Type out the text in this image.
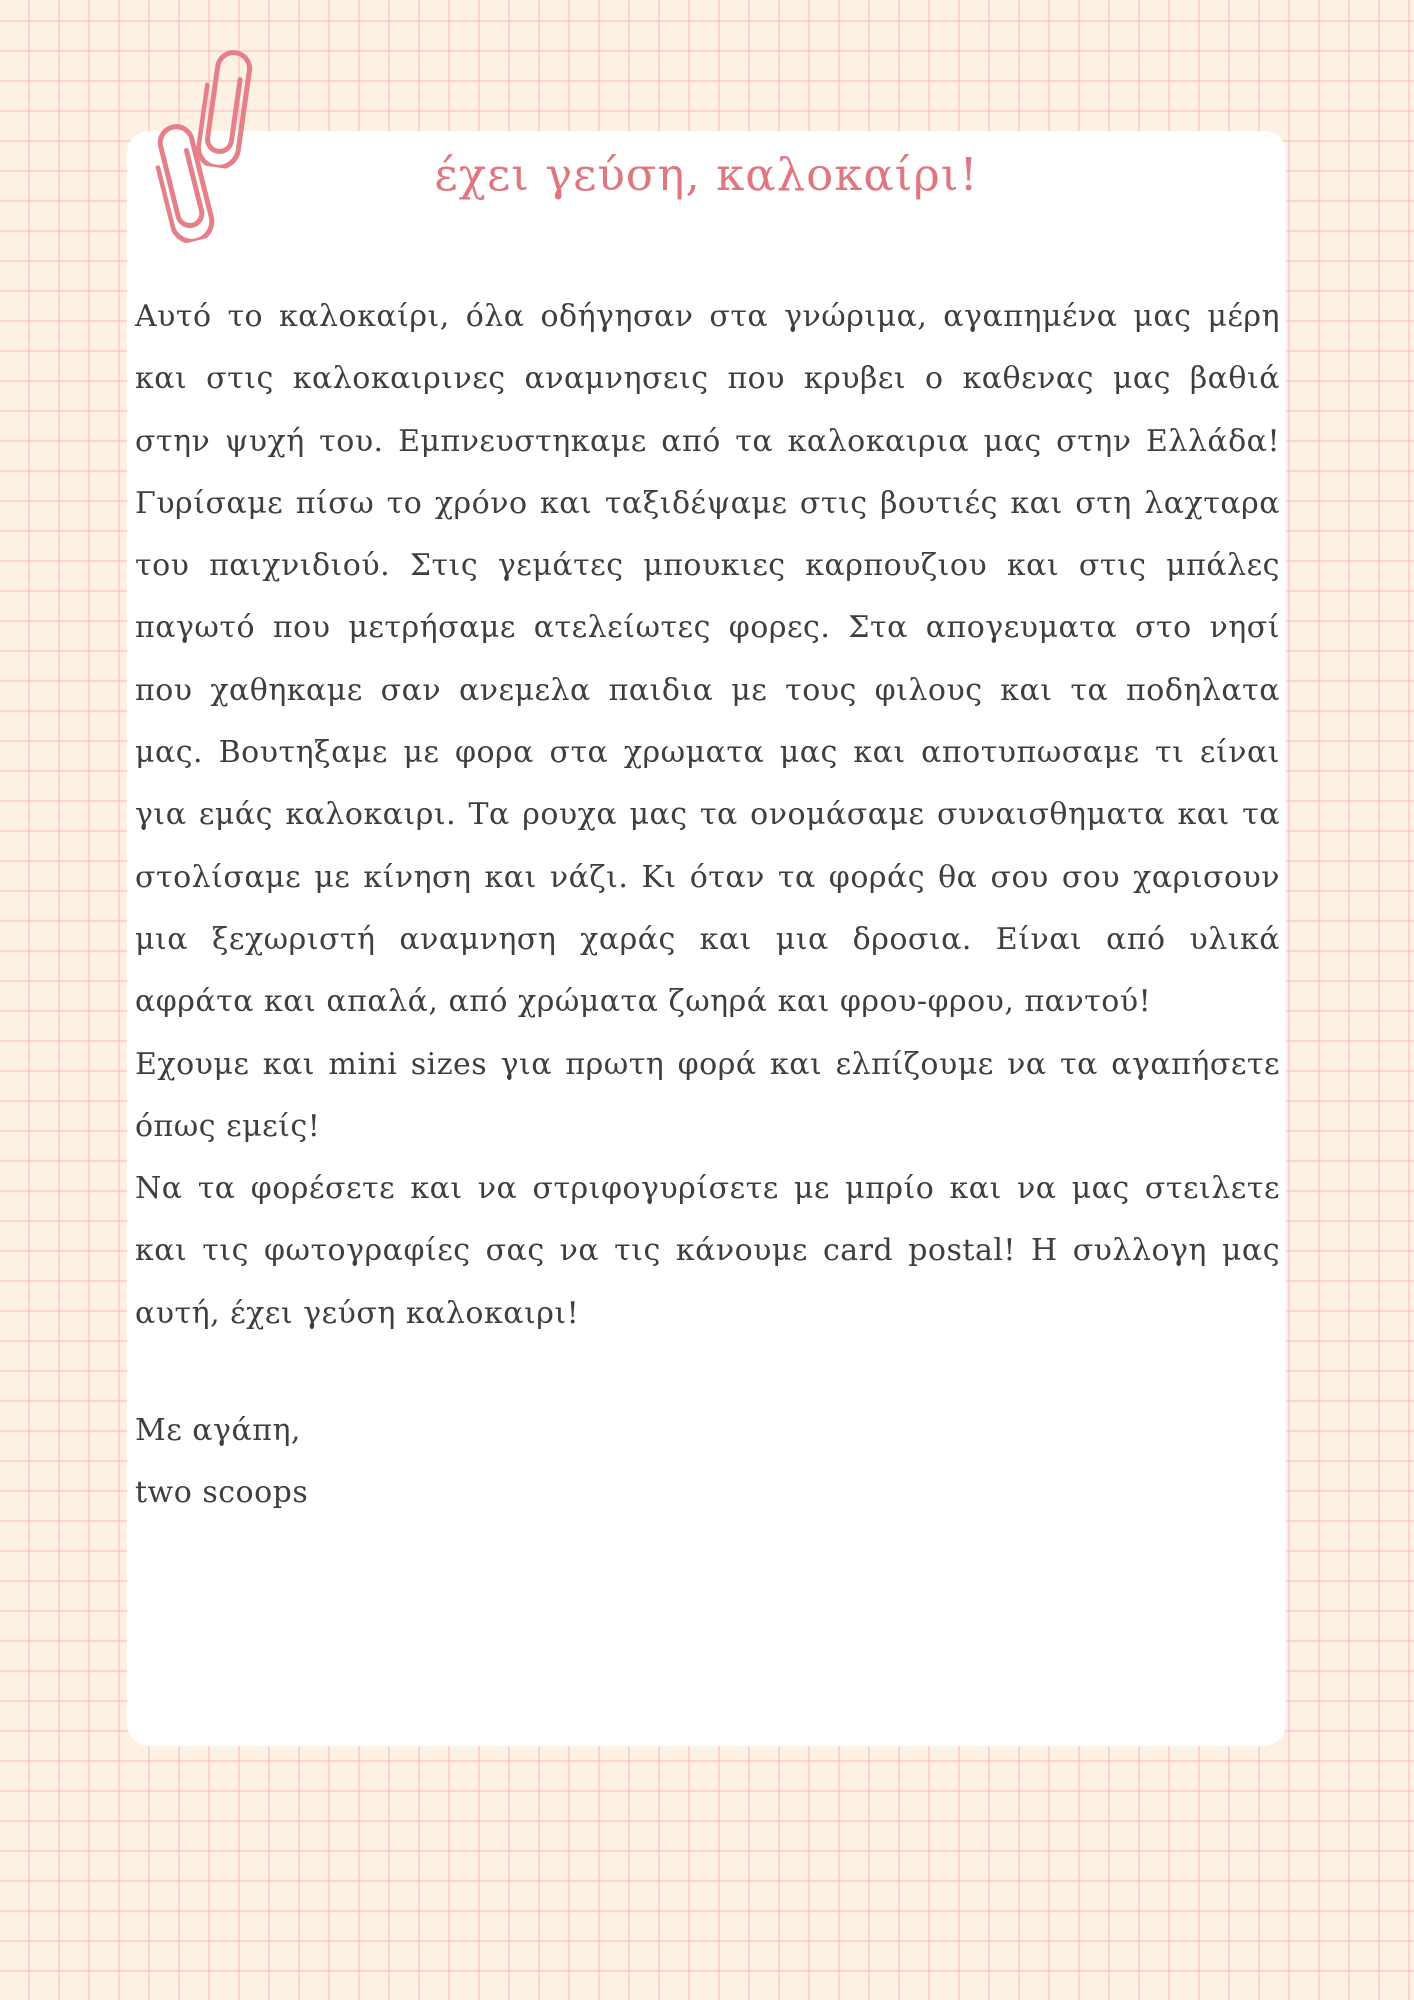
έχει γεύση, καλοκαίρι!

Αυτό το καλοκαίρι, όλα οδήγησαν στα γνώριμα, αγαπημένα μας μέρη και στις καλοκαιρινες αναμνησεις που κρυβει ο καθενας μας βαθιά στην ψυχή του. Εμπνευστηκαμε από τα καλοκαιρια μας στην Ελλάδα! Γυρίσαμε πίσω το χρόνο και ταξιδέψαμε στις βουτιές και στη λαχταρα του παιχνιδιού. Στις γεμάτες μπουκιες καρπουζιου και στις μπάλες παγωτό που μετρήσαμε ατελείωτες φορες. Στα απογευματα στο νησί που χαθηκαμε σαν ανεμελα παιδια με τους φιλους και τα ποδηλατα μας. Βουτηξαμε με φορα στα χρωματα μας και αποτυπωσαμε τι είναι για εμάς καλοκαιρι. Τα ρουχα μας τα ονομάσαμε συναισθηματα και τα στολίσαμε με κίνηση και νάζι. Κι όταν τα φοράς θα σου σου χαρισουν μια ξεχωριστή αναμνηση χαράς και μια δροσια. Είναι από υλικά αφράτα και απαλά, από χρώματα ζωηρά και φρου-φρου, παντού!

Εχουμε και mini sizes για πρωτη φορά και ελπίζουμε να τα αγαπήσετε όπως εμείς!

Να τα φορέσετε και να στριφογυρίσετε με μπρίο και να μας στειλετε και τις φωτογραφίες σας να τις κάνουμε card postal! Η συλλογη μας αυτή, έχει γεύση καλοκαιρι!

Με αγάπη,
two scoops
